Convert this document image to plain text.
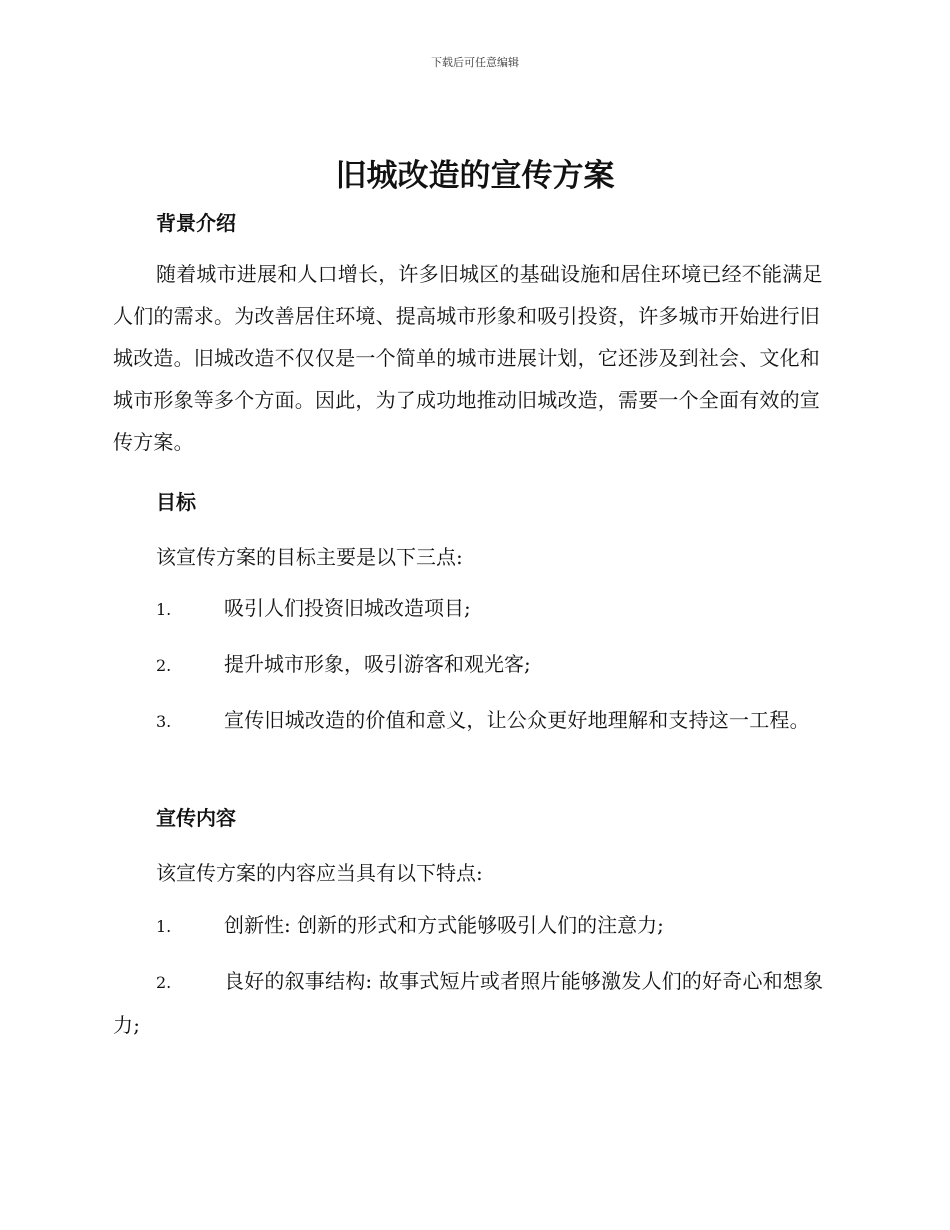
下载后可任意编辑
旧城改造的宣传方案
背景介绍

随着城市进展和人口增长，许多旧城区的基础设施和居住环境已经不能满足人们的需求。为改善居住环境、提高城市形象和吸引投资，许多城市开始进行旧城改造。旧城改造不仅仅是一个简单的城市进展计划，它还涉及到社会、文化和城市形象等多个方面。因此，为了成功地推动旧城改造，需要一个全面有效的宣传方案。

目标

该宣传方案的目标主要是以下三点:

1.	吸引人们投资旧城改造项目;

2.	提升城市形象，吸引游客和观光客;

3.	宣传旧城改造的价值和意义，让公众更好地理解和支持这一工程。

宣传内容

该宣传方案的内容应当具有以下特点:

1.	创新性: 创新的形式和方式能够吸引人们的注意力;

2.	良好的叙事结构: 故事式短片或者照片能够激发人们的好奇心和想象力;
